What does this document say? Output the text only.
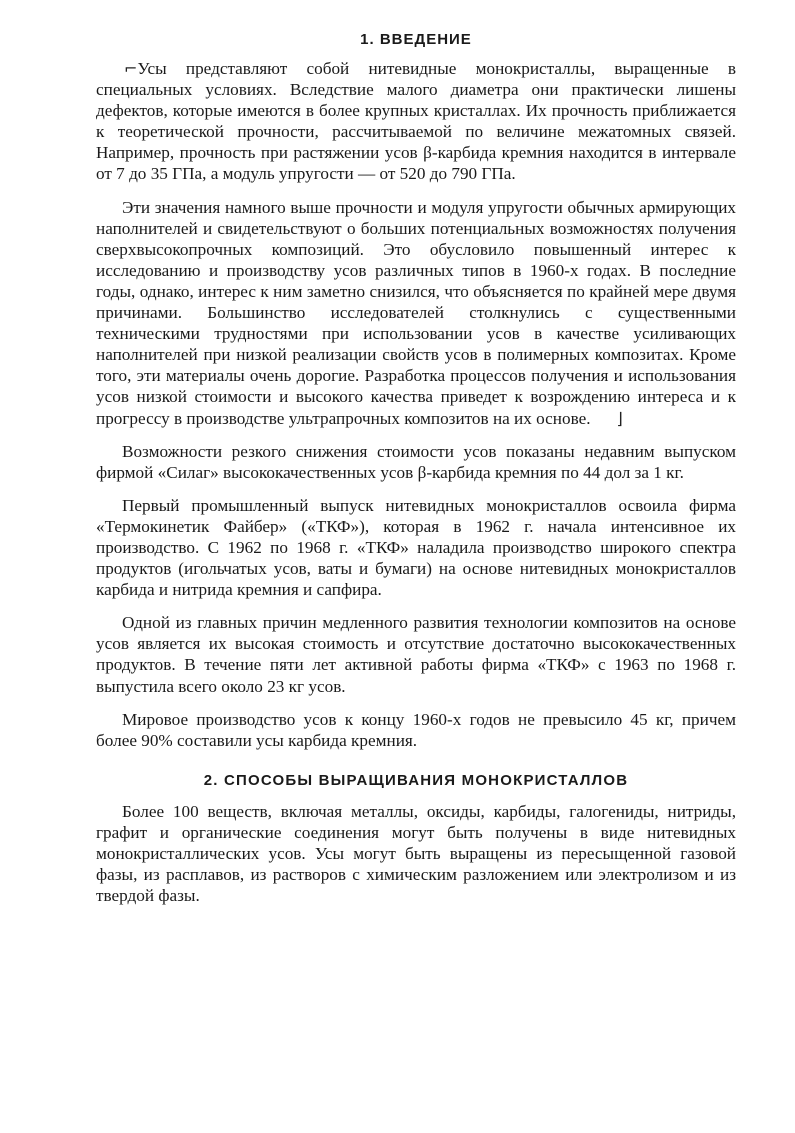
1. ВВЕДЕНИЕ

⌐Усы представляют собой нитевидные монокристаллы, выращенные в специальных условиях. Вследствие малого диаметра они практически лишены дефектов, которые имеются в более крупных кристаллах. Их прочность приближается к теоретической прочности, рассчитываемой по величине межатомных связей. Например, прочность при растяжении усов β-карбида кремния находится в интервале от 7 до 35 ГПа, а модуль упругости — от 520 до 790 ГПа.

Эти значения намного выше прочности и модуля упругости обычных армирующих наполнителей и свидетельствуют о больших потенциальных возможностях получения сверхвысокопрочных композиций. Это обусловило повышенный интерес к исследованию и производству усов различных типов в 1960-х годах. В последние годы, однако, интерес к ним заметно снизился, что объясняется по крайней мере двумя причинами. Большинство исследователей столкнулись с существенными техническими трудностями при использовании усов в качестве усиливающих наполнителей при низкой реализации свойств усов в полимерных композитах. Кроме того, эти материалы очень дорогие. Разработка процессов получения и использования усов низкой стоимости и высокого качества приведет к возрождению интереса и к прогрессу в производстве ультрапрочных композитов на их основе. ⌋

Возможности резкого снижения стоимости усов показаны недавним выпуском фирмой «Силаг» высококачественных усов β-карбида кремния по 44 дол за 1 кг.

Первый промышленный выпуск нитевидных монокристаллов освоила фирма «Термокинетик Файбер» («ТКФ»), которая в 1962 г. начала интенсивное их производство. С 1962 по 1968 г. «ТКФ» наладила производство широкого спектра продуктов (игольчатых усов, ваты и бумаги) на основе нитевидных монокристаллов карбида и нитрида кремния и сапфира.

Одной из главных причин медленного развития технологии композитов на основе усов является их высокая стоимость и отсутствие достаточно высококачественных продуктов. В течение пяти лет активной работы фирма «ТКФ» с 1963 по 1968 г. выпустила всего около 23 кг усов.

Мировое производство усов к концу 1960-х годов не превысило 45 кг, причем более 90% составили усы карбида кремния.

2. СПОСОБЫ ВЫРАЩИВАНИЯ МОНОКРИСТАЛЛОВ

Более 100 веществ, включая металлы, оксиды, карбиды, галогениды, нитриды, графит и органические соединения могут быть получены в виде нитевидных монокристаллических усов. Усы могут быть выращены из пересыщенной газовой фазы, из расплавов, из растворов с химическим разложением или электролизом и из твердой фазы.
